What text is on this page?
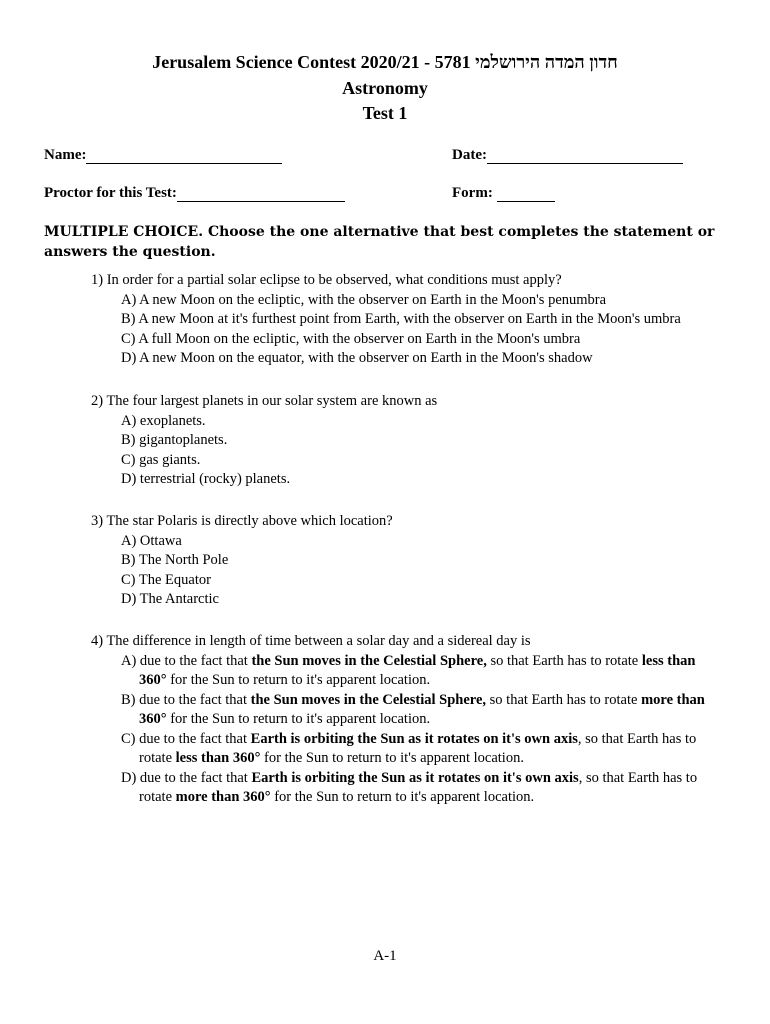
Jerusalem Science Contest 2020/21 - 5781 חדון המדה הירושלמי
Astronomy
Test 1
Name:	Date:
Proctor for this Test:	Form:
MULTIPLE CHOICE. Choose the one alternative that best completes the statement or answers the question.
1) In order for a partial solar eclipse to be observed, what conditions must apply?
A) A new Moon on the ecliptic, with the observer on Earth in the Moon's penumbra
B) A new Moon at it's furthest point from Earth, with the observer on Earth in the Moon's umbra
C) A full Moon on the ecliptic, with the observer on Earth in the Moon's umbra
D) A new Moon on the equator, with the observer on Earth in the Moon's shadow
2) The four largest planets in our solar system are known as
A) exoplanets.
B) gigantoplanets.
C) gas giants.
D) terrestrial (rocky) planets.
3) The star Polaris is directly above which location?
A) Ottawa
B) The North Pole
C) The Equator
D) The Antarctic
4) The difference in length of time between a solar day and a sidereal day is
A) due to the fact that the Sun moves in the Celestial Sphere, so that Earth has to rotate less than 360° for the Sun to return to it's apparent location.
B) due to the fact that the Sun moves in the Celestial Sphere, so that Earth has to rotate more than 360° for the Sun to return to it's apparent location.
C) due to the fact that Earth is orbiting the Sun as it rotates on it's own axis, so that Earth has to rotate less than 360° for the Sun to return to it's apparent location.
D) due to the fact that Earth is orbiting the Sun as it rotates on it's own axis, so that Earth has to rotate more than 360° for the Sun to return to it's apparent location.
A-1
